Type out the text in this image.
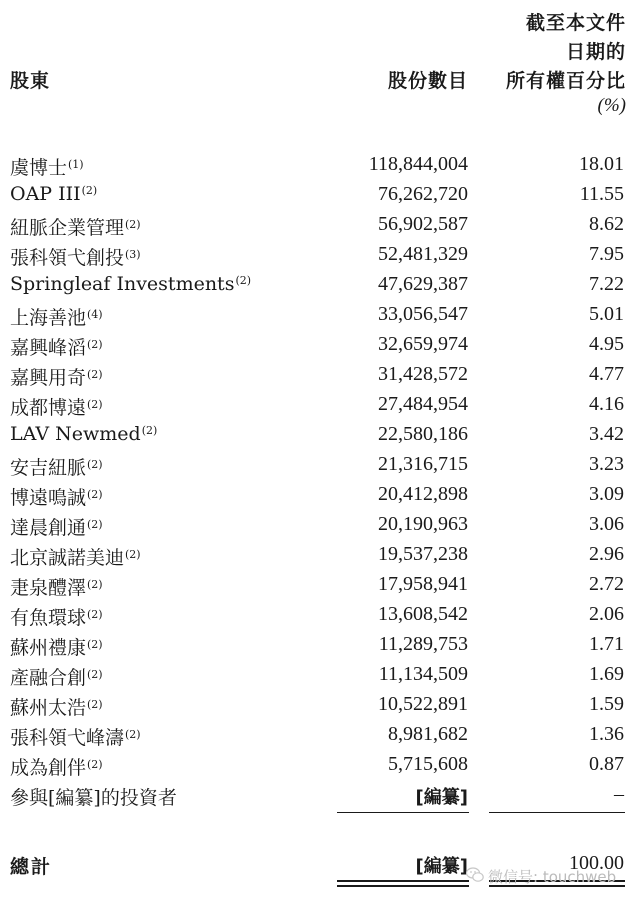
截至本文件
日期的
股東	股份數目 所有權百分比
(%)
虞博士$^{(1)}$	118,844,004	18.01
OAP III$^{(2)}$	76,262,720	11.55
紐脈企業管理$^{(2)}$	56,902,587	8.62
張科領弋創投$^{(3)}$	52,481,329	7.95
Springleaf Investments$^{(2)}$	47,629,387	7.22
上海善池$^{(4)}$	33,056,547	5.01
嘉興峰滔$^{(2)}$	32,659,974	4.95
嘉興用奇$^{(2)}$	31,428,572	4.77
成都博遠$^{(2)}$	27,484,954	4.16
LAV Newmed$^{(2)}$	22,580,186	3.42
安吉紐脈$^{(2)}$	21,316,715	3.23
博遠鳴誠$^{(2)}$	20,412,898	3.09
達晨創通$^{(2)}$	20,190,963	3.06
北京誠諾美迪$^{(2)}$	19,537,238	2.96
疌泉醴澤$^{(2)}$	17,958,941	2.72
有魚環球$^{(2)}$	13,608,542	2.06
蘇州禮康$^{(2)}$	11,289,753	1.71
產融合創$^{(2)}$	11,134,509	1.69
蘇州太浩$^{(2)}$	10,522,891	1.59
張科領弋峰濤$^{(2)}$	8,981,682	1.36
成為創伴$^{(2)}$	5,715,608	0.87
參與[編纂]的投資者	[編纂]	–
總計	[編纂]	100.00
微信号: touchweb
